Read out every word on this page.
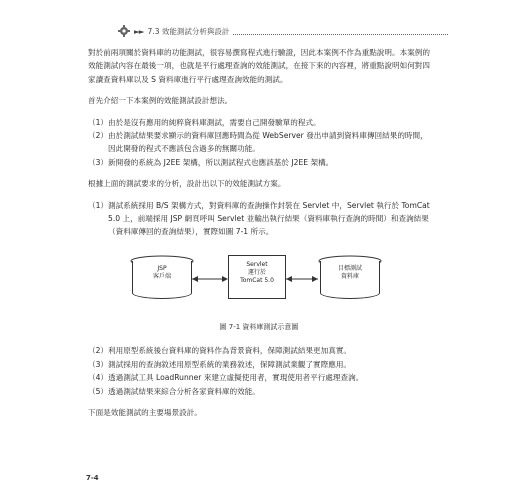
►► 7.3 效能測試分析與設計

對於前兩項關於資料庫的功能測試，很容易撰寫程式進行驗證，因此本案例不作為重點說明。本案例的效能測試內容在最後一項，也就是平行處理查詢的效能測試，在接下來的內容裡，將重點說明如何對四家讀查資料庫以及 S 資料庫進行平行處理查詢效能的測試。

首先介紹一下本案例的效能測試設計想法。

（1） 由於是沒有應用的純粹資料庫測試，需要自己開發驗單的程式。
（2） 由於測試結果要求顯示的資料庫回應時間為從 WebServer 發出申請到資料庫傳回結果的時間，因此開發的程式不應該包含過多的無關功能。
（3） 新開發的系統為 J2EE 架構，所以測試程式也應該基於 J2EE 架構。

根據上面的測試要求的分析，設計出以下的效能測試方案。

（1） 測試系統採用 B/S 架構方式，對資料庫的查詢操作封裝在 Servlet 中，Servlet 執行於 TomCat 5.0 上，前端採用 JSP 網頁呼叫 Servlet 並輸出執行結果（資料庫執行查詢的時間）和查詢結果（資料庫傳回的查詢結果），實際如圖 7-1 所示。
JSP
客戶端
Servlet
運行於
TomCat 5.0
目標測試
資料庫
圖 7-1 資料庫測試示意圖
（2） 利用原型系統後台資料庫的資料作為背景資料，保障測試結果更加真實。
（3） 測試採用的查詢敘述用原型系統的業務敘述，保障測試業觀了實際應用。
（4） 透過測試工具 LoadRunner 來建立虛擬使用者，實現使用者平行處理查詢。
（5） 透過測試結果來綜合分析各家資料庫的效能。

下面是效能測試的主要場景設計。

7-4
